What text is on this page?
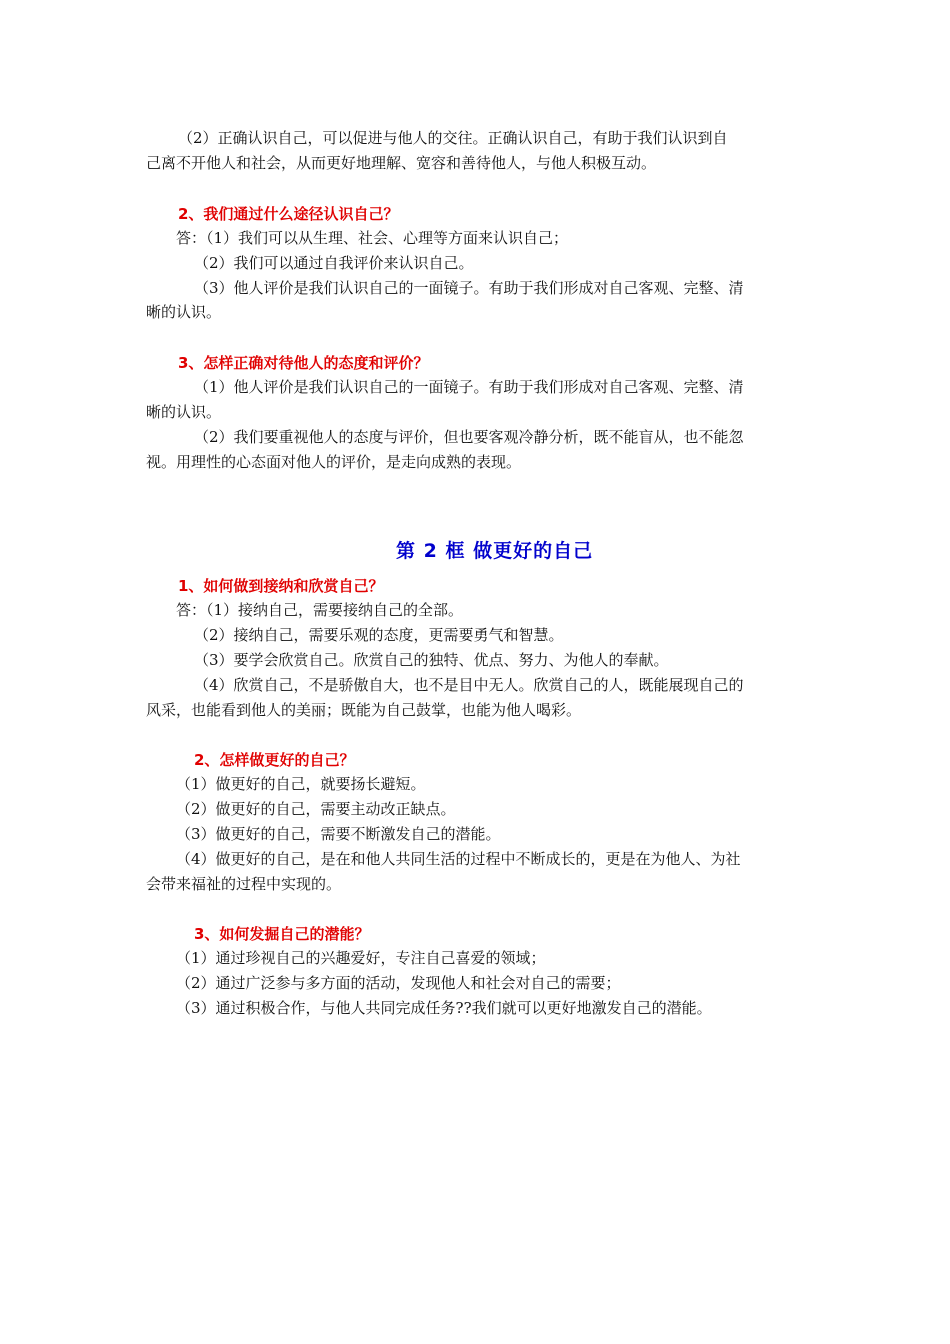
（2）正确认识自己，可以促进与他人的交往。正确认识自己，有助于我们认识到自
己离不开他人和社会，从而更好地理解、宽容和善待他人，与他人积极互动。
2、我们通过什么途径认识自己？
答：（1）我们可以从生理、社会、心理等方面来认识自己；
（2）我们可以通过自我评价来认识自己。
（3）他人评价是我们认识自己的一面镜子。有助于我们形成对自己客观、完整、清
晰的认识。
3、怎样正确对待他人的态度和评价？
（1）他人评价是我们认识自己的一面镜子。有助于我们形成对自己客观、完整、清
晰的认识。
（2）我们要重视他人的态度与评价，但也要客观冷静分析，既不能盲从，也不能忽
视。用理性的心态面对他人的评价，是走向成熟的表现。
第 2 框 做更好的自己
1、如何做到接纳和欣赏自己？
答：（1）接纳自己，需要接纳自己的全部。
（2）接纳自己，需要乐观的态度，更需要勇气和智慧。
（3）要学会欣赏自己。欣赏自己的独特、优点、努力、为他人的奉献。
（4）欣赏自己，不是骄傲自大，也不是目中无人。欣赏自己的人，既能展现自己的
风采，也能看到他人的美丽；既能为自己鼓掌，也能为他人喝彩。
2、怎样做更好的自己？
（1）做更好的自己，就要扬长避短。
（2）做更好的自己，需要主动改正缺点。
（3）做更好的自己，需要不断激发自己的潜能。
（4）做更好的自己，是在和他人共同生活的过程中不断成长的，更是在为他人、为社
会带来福祉的过程中实现的。
3、如何发掘自己的潜能？
（1）通过珍视自己的兴趣爱好，专注自己喜爱的领域；
（2）通过广泛参与多方面的活动，发现他人和社会对自己的需要；
（3）通过积极合作，与他人共同完成任务??我们就可以更好地激发自己的潜能。
